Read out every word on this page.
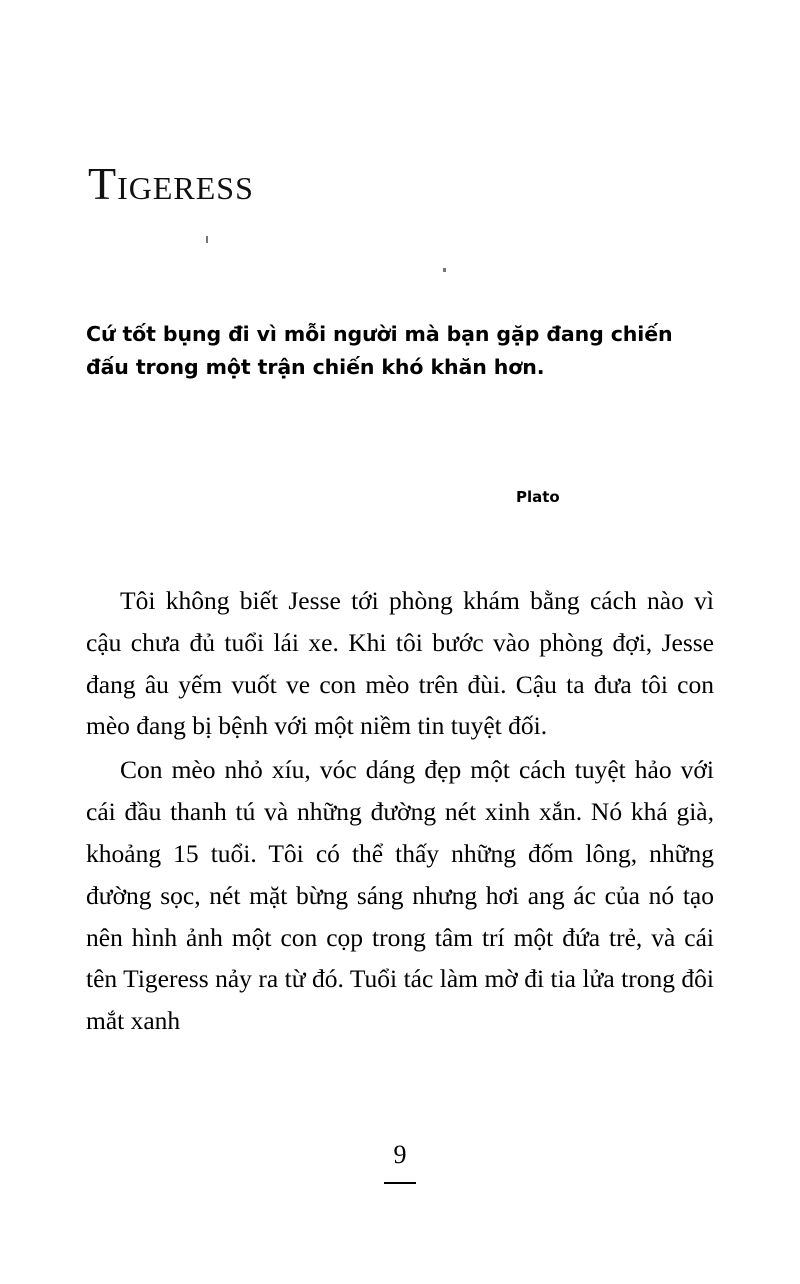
Tigeress
Cứ tốt bụng đi vì mỗi người mà bạn gặp đang chiến đấu trong một trận chiến khó khăn hơn.
Plato

Tôi không biết Jesse tới phòng khám bằng cách nào vì cậu chưa đủ tuổi lái xe. Khi tôi bước vào phòng đợi, Jesse đang âu yếm vuốt ve con mèo trên đùi. Cậu ta đưa tôi con mèo đang bị bệnh với một niềm tin tuyệt đối.

Con mèo nhỏ xíu, vóc dáng đẹp một cách tuyệt hảo với cái đầu thanh tú và những đường nét xinh xắn. Nó khá già, khoảng 15 tuổi. Tôi có thể thấy những đốm lông, những đường sọc, nét mặt bừng sáng nhưng hơi ang ác của nó tạo nên hình ảnh một con cọp trong tâm trí một đứa trẻ, và cái tên Tigeress nảy ra từ đó. Tuổi tác làm mờ đi tia lửa trong đôi mắt xanh

9
